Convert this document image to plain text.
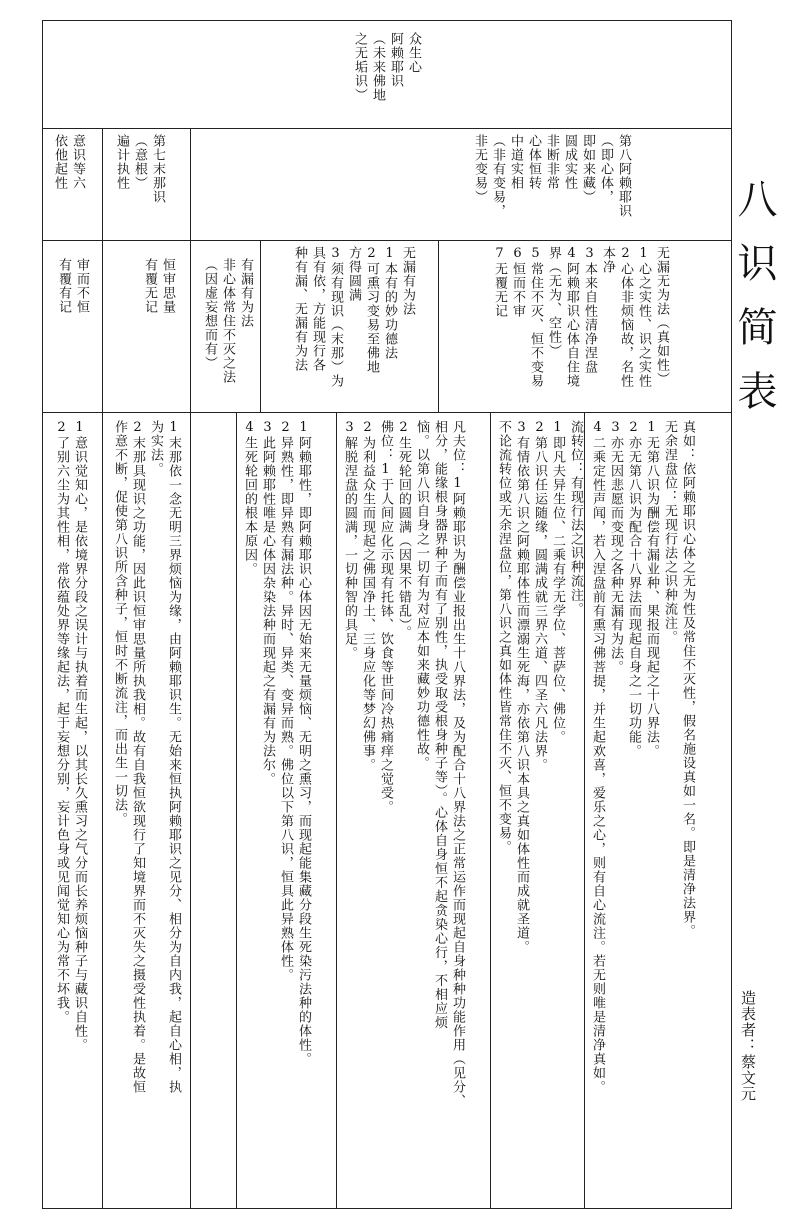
八识简表
造表者：蔡文元
众生心
阿赖耶识
（未来佛地
之无垢识）
第八阿赖耶识
（即心体，
即如来藏）
圆成实性
非断非常
心体恒转
中道实相
（非有变易，
非无变易）
无漏无为法（真如性）
1心之实性、识之实性
2心体非烦恼故，名性
本净
3本来自性清净涅盘
4阿赖耶识心体自住境
界（无为、空性）
5常住不灭、恒不变易
6恒而不审
7无覆无记
无漏有为法
1本有的妙功德法
2可熏习变易至佛地
方得圆满
3须有现识（末那）为
具有依，方能现行各
种有漏、无漏有为法
真如：依阿赖耶识心体之无为性及常住不灭性，假名施设真如一名。即是清净法界。
无余涅盘位：无现行法之识种流注。
1无第八识为酬偿有漏业种、果报而现起之十八界法。
2亦无第八识为配合十八界法而现起自身之一切功能。
3亦无因悲愿而变现之各种无漏有为法。
4二乘定性声闻，若入涅盘前有熏习佛菩提，并生起欢喜，爱乐之心，则有自心流注。若无则唯是清净真如。
流转位：有现行法之识种流注。
1即凡夫异生位、二乘有学无学位、菩萨位、佛位。
2第八识任运随缘，圆满成就三界六道、四圣六凡法界。
3有情依第八识之阿赖耶体性而漂溺生死海，亦依第八识本具之真如体性而成就圣道。
不论流转位或无余涅盘位，第八识之真如体性皆常住不灭、恒不变易。
凡夫位：1阿赖耶识为酬偿业报出生十八界法，及为配合十八界法之正常运作而现起自身种种功能作用（见分、
相分，能缘根身器界种子而有了别性，执受取受根身种子等）。心体自身恒不起贪染心行，不相应烦
恼。以第八识自身之一切有为对应本如来藏妙功德性故。
2生死轮回的圆满（因果不错乱）。
佛位：1于人间应化示现有托钵、饮食等世间冷热痛痒之觉受。
2为利益众生而现起之佛国净土、三身应化等梦幻佛事。
3解脱涅盘的圆满，一切种智的具足。
第七末那识
（意根）
遍计执性
恒审思量
有覆无记	有漏有为法
非心体常住不灭之法
（因虚妄想而有）
1阿赖耶性，即阿赖耶识心体因无始来无量烦恼、无明之熏习，而现起能集藏分段生死染污法种的体性。
2异熟性，即异熟有漏法种。异时、异类、变异而熟。佛位以下第八识，恒具此异熟体性。
3此阿赖耶性唯是心体因杂染法种而现起之有漏有为法尔。
4生死轮回的根本原因。
1末那依一念无明三界烦恼为缘，由阿赖耶识生。无始来恒执阿赖耶识之见分、相分为自内我，起自心相，执
为实法。
2末那具现识之功能，因此识恒审思量所执我相。故有自我恒欲现行了知境界而不灭失之摄受性执着。是故恒
作意不断，促使第八识所含种子，恒时不断流注，而出生一切法。
意识等六
依他起性
审而不恒
有覆有记
1意识觉知心，是依境界分段之误计与执着而生起，以其长久熏习之气分而长养烦恼种子与藏识自性。
2了别六尘为其性相，常依蕴处界等缘起法，起于妄想分别，妄计色身或见闻觉知心为常不坏我。
